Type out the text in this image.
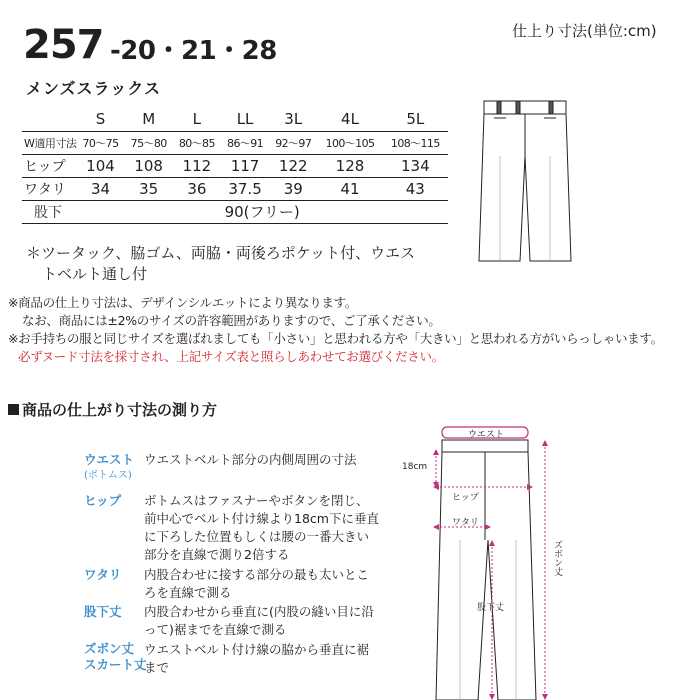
仕上り寸法(単位:cm)
257 -20・21・28
メンズスラックス
	S	M	L	LL	3L	4L	5L
W適用寸法	70～75	75～80	80～85	86～91	92～97	100～105	108～115
ヒップ	104	108	112	117	122	128	134
ワタリ	34	35	36	37.5	39	41	43
股下	90(フリー)						
＊ツータック、脇ゴム、両脇・両後ろポケット付、ウエス
トベルト通し付
※商品の仕上り寸法は、デザインシルエットにより異なります。
なお、商品には±2%のサイズの許容範囲がありますので、ご了承ください。
※お手持ちの服と同じサイズを選ばれましても「小さい」と思われる方や「大きい」と思われる方がいらっしゃいます。
必ずヌード寸法を採寸され、上記サイズ表と照らしあわせてお選びください。
商品の仕上がり寸法の測り方
ウエスト
(ボトムス)
ウエストベルト部分の内側周囲の寸法
ヒップ ボトムスはファスナーやボタンを閉じ、前中心でベルト付け線より18cm下に垂直に下ろした位置もしくは腰の一番大きい部分を直線で測り2倍する
ワタリ 内股合わせに接する部分の最も太いところを直線で測る
股下丈 内股合わせから垂直に(内股の縫い目に沿って)裾までを直線で測る
ズボン丈
スカート丈
ウエストベルト付け線の脇から垂直に裾まで
ウエスト
18cm
ヒップ
ワタリ
股下丈
ズボン丈
